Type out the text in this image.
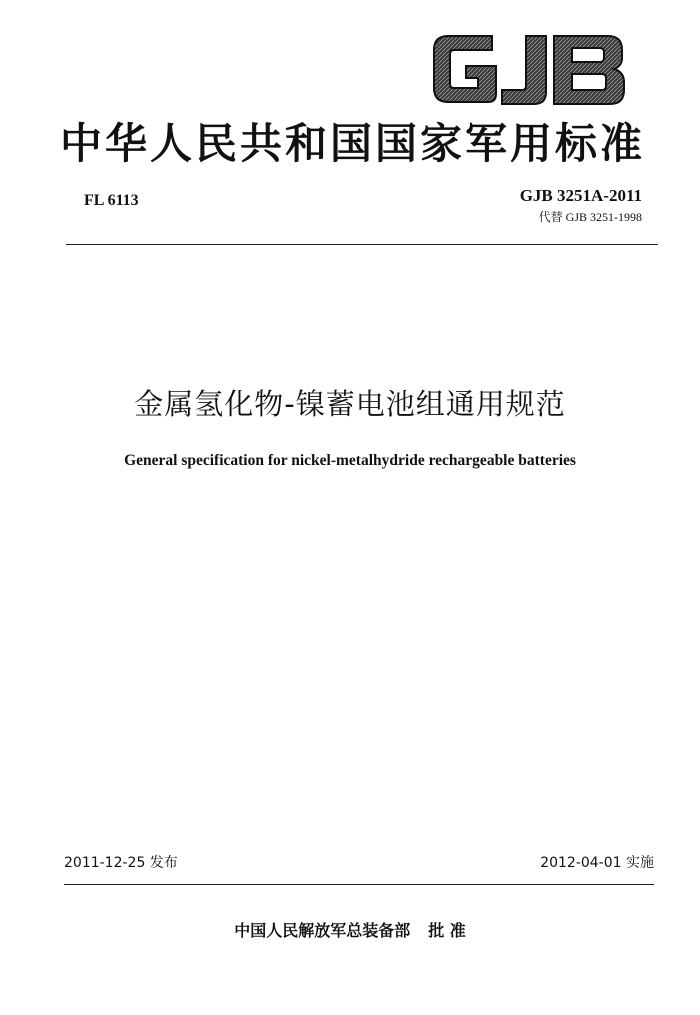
中华人民共和国国家军用标准
FL 6113	GJB 3251A-2011
代替 GJB 3251-1998
金属氢化物-镍蓄电池组通用规范
General specification for nickel-metalhydride rechargeable batteries
2011-12-25 发布	2012-04-01 实施
中国人民解放军总装备部 批 准
